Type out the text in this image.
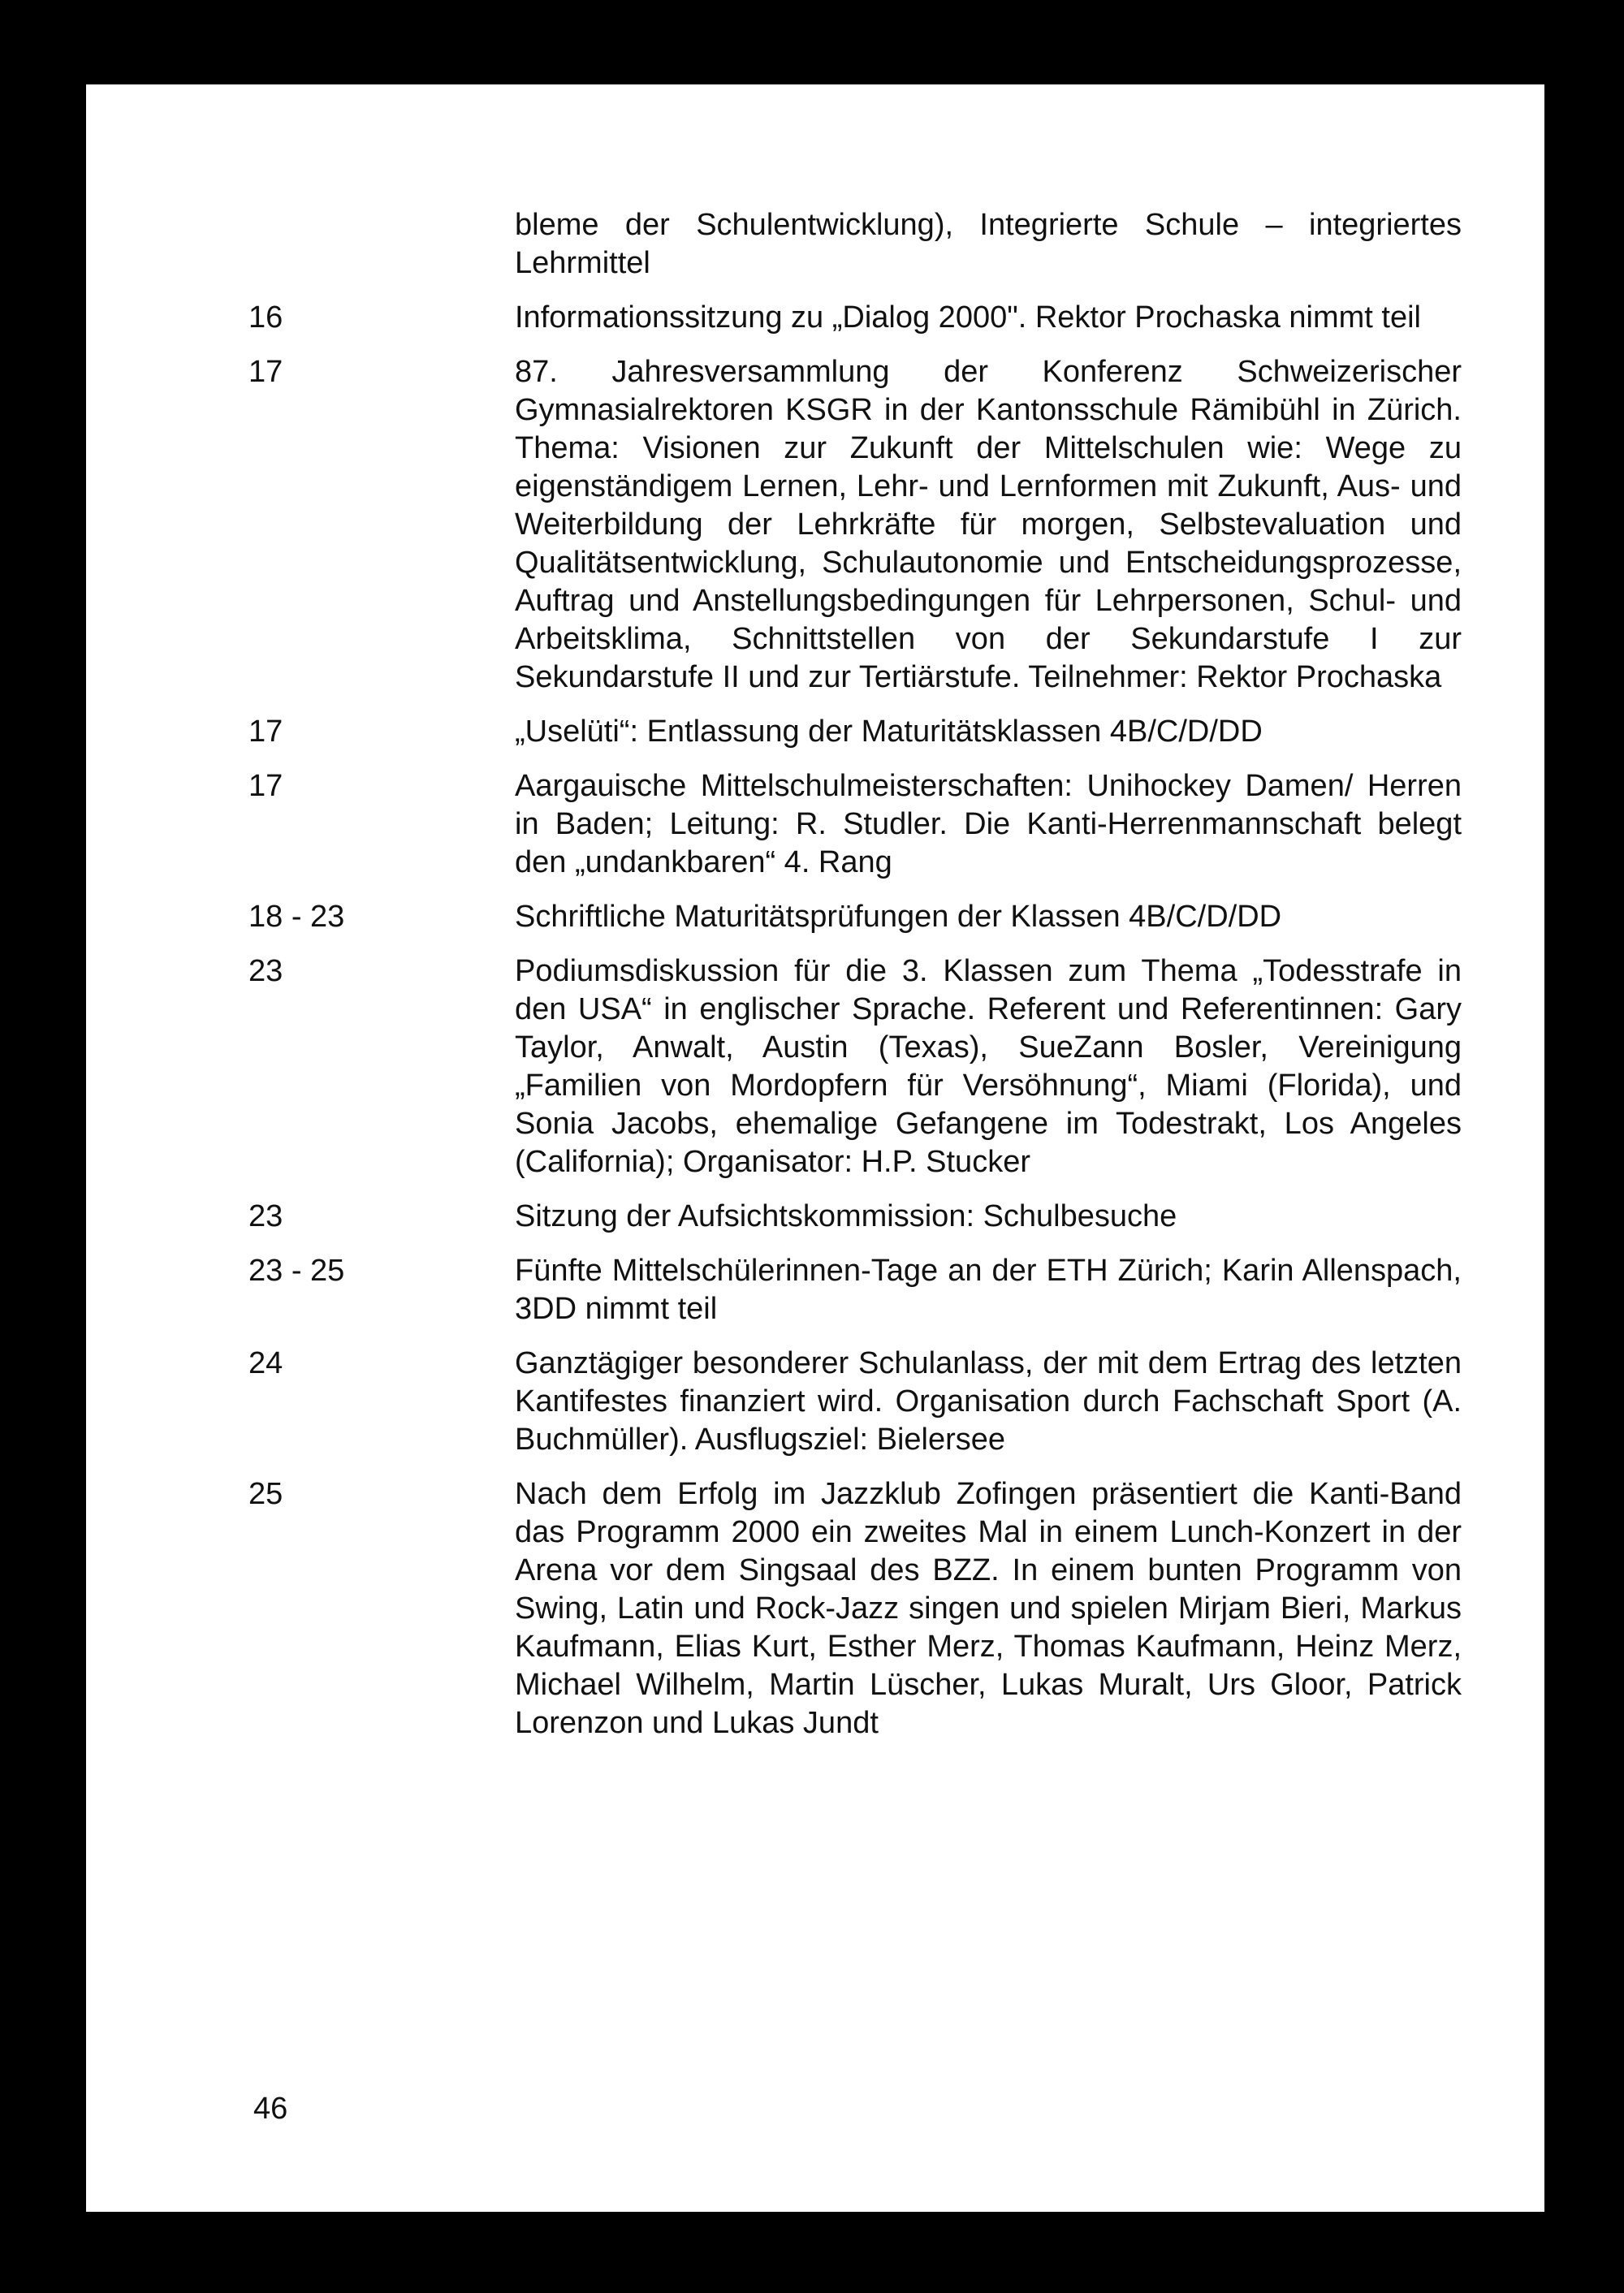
bleme der Schulentwicklung), Integrierte Schule – integriertes Lehrmittel
16	Informationssitzung zu „Dialog 2000". Rektor Prochaska nimmt teil
17	87. Jahresversammlung der Konferenz Schweizerischer Gymnasialrektoren KSGR in der Kantonsschule Rämibühl in Zürich. Thema: Visionen zur Zukunft der Mittelschulen wie: Wege zu eigenständigem Lernen, Lehr- und Lernformen mit Zukunft, Aus- und Weiterbildung der Lehrkräfte für morgen, Selbstevaluation und Qualitätsentwicklung, Schulautonomie und Entscheidungsprozesse, Auftrag und Anstellungsbedingungen für Lehrpersonen, Schul- und Arbeitsklima, Schnittstellen von der Sekundarstufe I zur Sekundarstufe II und zur Tertiärstufe. Teilnehmer: Rektor Prochaska
17	„Uselüti“: Entlassung der Maturitätsklassen 4B/C/D/DD
17	Aargauische Mittelschulmeisterschaften: Unihockey Damen/ Herren in Baden; Leitung: R. Studler. Die Kanti-Herrenmannschaft belegt den „undankbaren“ 4. Rang
18 - 23	Schriftliche Maturitätsprüfungen der Klassen 4B/C/D/DD
23	Podiumsdiskussion für die 3. Klassen zum Thema „Todesstrafe in den USA“ in englischer Sprache. Referent und Referentinnen: Gary Taylor, Anwalt, Austin (Texas), SueZann Bosler, Vereinigung „Familien von Mordopfern für Versöhnung“, Miami (Florida), und Sonia Jacobs, ehemalige Gefangene im Todestrakt, Los Angeles (California); Organisator: H.P. Stucker
23	Sitzung der Aufsichtskommission: Schulbesuche
23 - 25	Fünfte Mittelschülerinnen-Tage an der ETH Zürich; Karin Allenspach, 3DD nimmt teil
24	Ganztägiger besonderer Schulanlass, der mit dem Ertrag des letzten Kantifestes finanziert wird. Organisation durch Fachschaft Sport (A. Buchmüller). Ausflugsziel: Bielersee
25	Nach dem Erfolg im Jazzklub Zofingen präsentiert die Kanti-Band das Programm 2000 ein zweites Mal in einem Lunch-Konzert in der Arena vor dem Singsaal des BZZ. In einem bunten Programm von Swing, Latin und Rock-Jazz singen und spielen Mirjam Bieri, Markus Kaufmann, Elias Kurt, Esther Merz, Thomas Kaufmann, Heinz Merz, Michael Wilhelm, Martin Lüscher, Lukas Muralt, Urs Gloor, Patrick Lorenzon und Lukas Jundt
46
